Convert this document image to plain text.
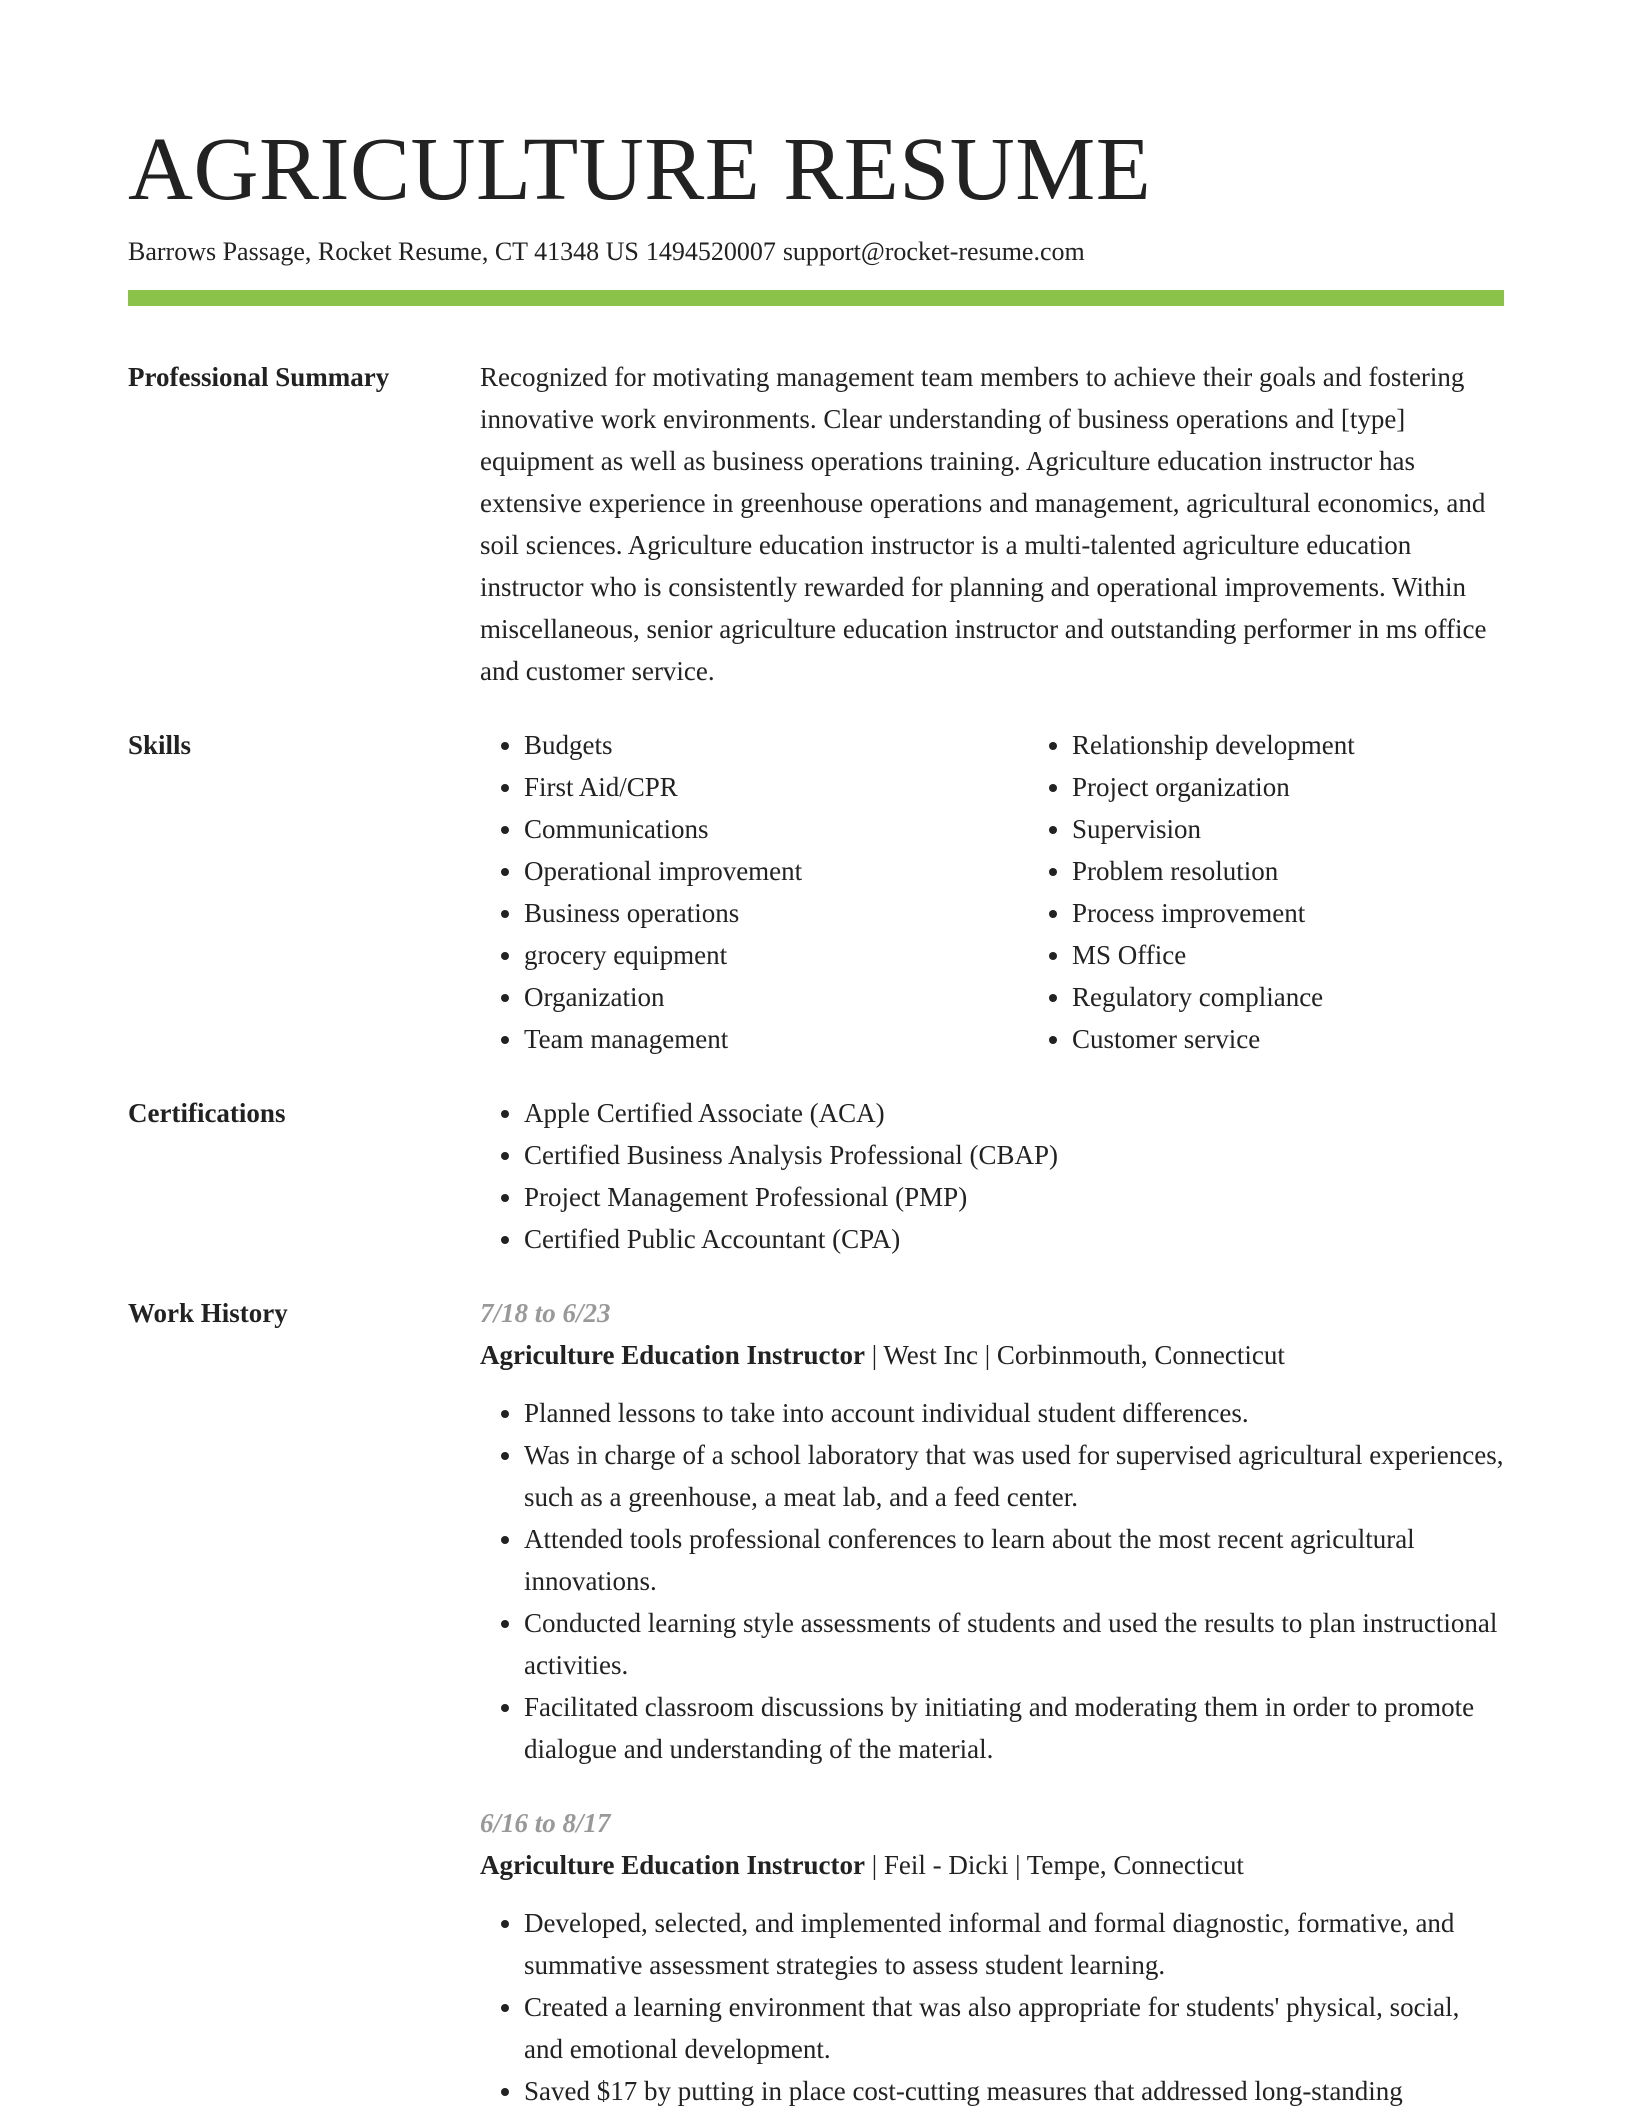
AGRICULTURE RESUME
Barrows Passage, Rocket Resume, CT 41348 US 1494520007 support@rocket-resume.com
Professional Summary	Recognized for motivating management team members to achieve their goals and fostering innovative work environments. Clear understanding of business operations and [type] equipment as well as business operations training. Agriculture education instructor has extensive experience in greenhouse operations and management, agricultural economics, and soil sciences. Agriculture education instructor is a multi-talented agriculture education instructor who is consistently rewarded for planning and operational improvements. Within miscellaneous, senior agriculture education instructor and outstanding performer in ms office and customer service.
Skills	• Budgets
• First Aid/CPR
• Communications
• Operational improvement
• Business operations
• grocery equipment
• Organization
• Team management
• Relationship development
• Project organization
• Supervision
• Problem resolution
• Process improvement
• MS Office
• Regulatory compliance
• Customer service
Certifications	• Apple Certified Associate (ACA)
• Certified Business Analysis Professional (CBAP)
• Project Management Professional (PMP)
• Certified Public Accountant (CPA)
Work History	7/18 to 6/23
Agriculture Education Instructor | West Inc | Corbinmouth, Connecticut
• Planned lessons to take into account individual student differences.
• Was in charge of a school laboratory that was used for supervised agricultural experiences, such as a greenhouse, a meat lab, and a feed center.
• Attended tools professional conferences to learn about the most recent agricultural innovations.
• Conducted learning style assessments of students and used the results to plan instructional activities.
• Facilitated classroom discussions by initiating and moderating them in order to promote dialogue and understanding of the material.
6/16 to 8/17
Agriculture Education Instructor | Feil - Dicki | Tempe, Connecticut
• Developed, selected, and implemented informal and formal diagnostic, formative, and summative assessment strategies to assess student learning.
• Created a learning environment that was also appropriate for students' physical, social, and emotional development.
• Saved $17 by putting in place cost-cutting measures that addressed long-standing
